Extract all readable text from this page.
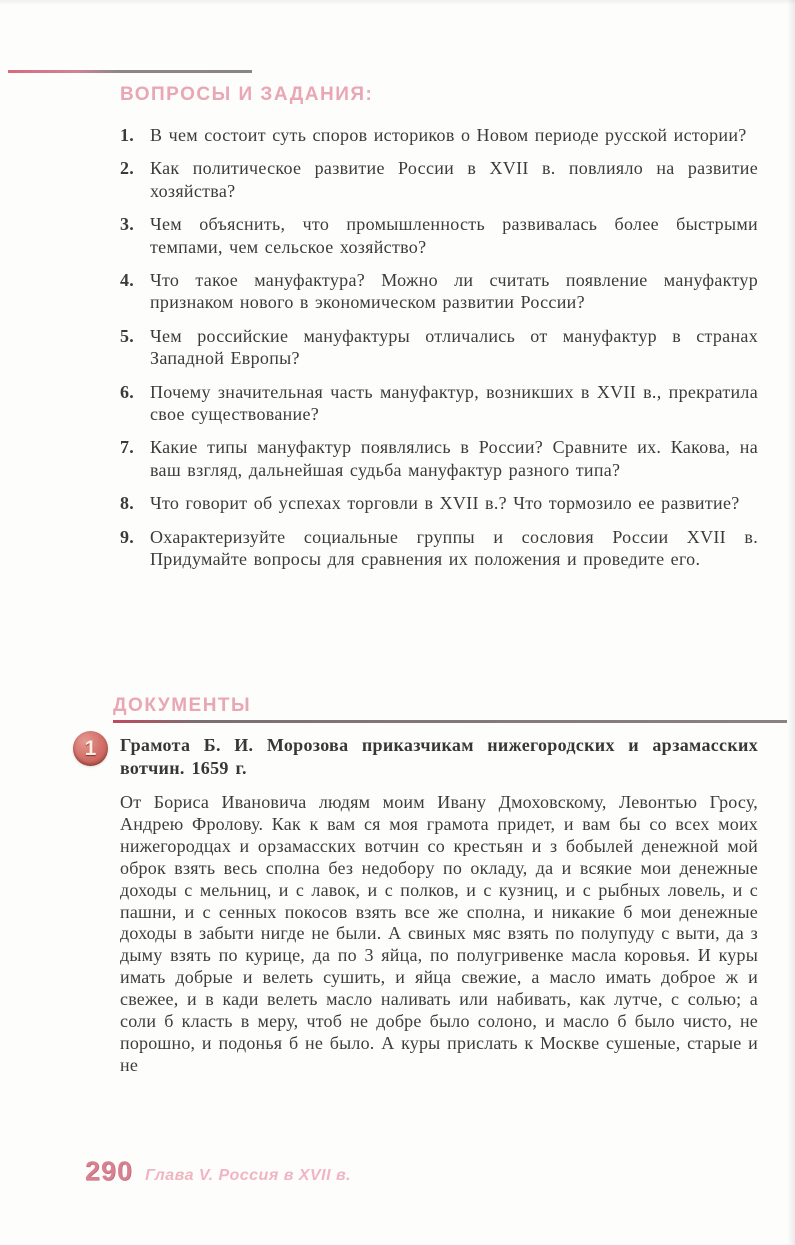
ВОПРОСЫ И ЗАДАНИЯ:
1. В чем состоит суть споров историков о Новом периоде русской истории?
2. Как политическое развитие России в XVII в. повлияло на развитие хозяйства?
3. Чем объяснить, что промышленность развивалась более быстрыми темпами, чем сельское хозяйство?
4. Что такое мануфактура? Можно ли считать появление мануфактур признаком нового в экономическом развитии России?
5. Чем российские мануфактуры отличались от мануфактур в странах Западной Европы?
6. Почему значительная часть мануфактур, возникших в XVII в., прекратила свое существование?
7. Какие типы мануфактур появлялись в России? Сравните их. Какова, на ваш взгляд, дальнейшая судьба мануфактур разного типа?
8. Что говорит об успехах торговли в XVII в.? Что тормозило ее развитие?
9. Охарактеризуйте социальные группы и сословия России XVII в. Придумайте вопросы для сравнения их положения и проведите его.
ДОКУМЕНТЫ
1	Грамота Б. И. Морозова приказчикам нижегородских и арзамасских вотчин. 1659 г.
От Бориса Ивановича людям моим Ивану Дмоховскому, Левонтью Гросу, Андрею Фролову. Как к вам ся моя грамота придет, и вам бы со всех моих нижегородцах и орзамасских вотчин со крестьян и з бобылей денежной мой оброк взять весь сполна без недобору по окладу, да и всякие мои денежные доходы с мельниц, и с лавок, и с полков, и с кузниц, и с рыбных ловель, и с пашни, и с сенных покосов взять все же сполна, и никакие б мои денежные доходы в забыти нигде не были. А свиных мяс взять по полупуду с выти, да з дыму взять по курице, да по 3 яйца, по полугривенке масла коровья. И куры имать добрые и велеть сушить, и яйца свежие, а масло имать доброе ж и свежее, и в кади велеть масло наливать или набивать, как лутче, с солью; а соли б класть в меру, чтоб не добре было солоно, и масло б было чисто, не порошно, и подонья б не было. А куры прислать к Москве сушеные, старые и не
290 Глава V. Россия в XVII в.
